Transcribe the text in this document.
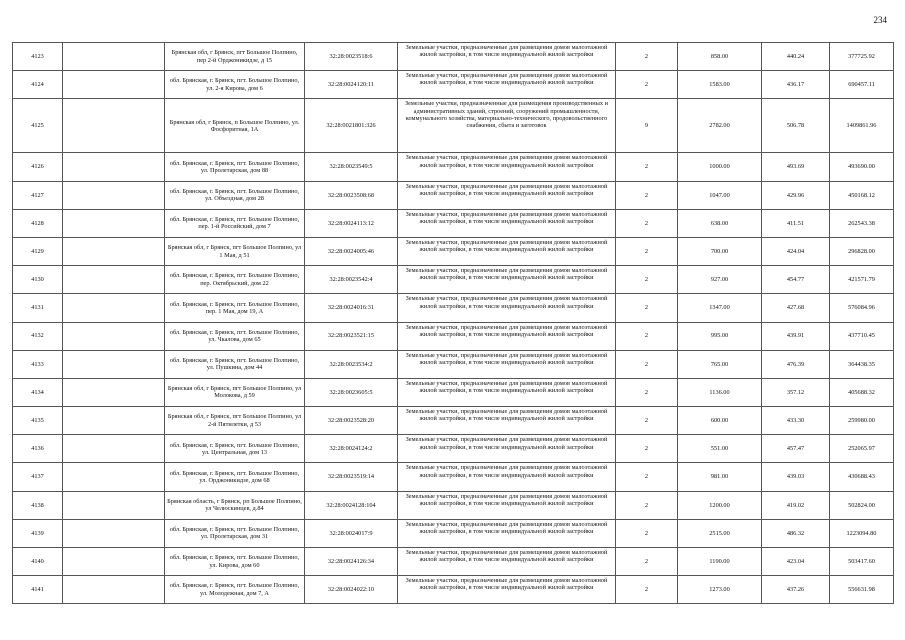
234
4123		Брянская обл, г Брянск, пгт Большое Полпино, пер 2-й Орджоникидзе, д 15	32:28:0023518:6	Земельные участки, предназначенные для размещения домов малоэтажной жилой застройки, в том числе индивидуальной жилой застройки	2	858.00	440.24	377725.92
4124		обл. Брянская, г. Брянск, пгт. Большое Полпино, ул. 2-я Кирова, дом 6	32:28:0024120:11	Земельные участки, предназначенные для размещения домов малоэтажной жилой застройки, в том числе индивидуальной жилой застройки	2	1583.00	436.17	690457.11
4125		Брянская обл, г Брянск, п Большое Полпино, ул. Фосфоритная, 1А	32:28:0021801:326	Земельные участки, предназначенные для размещения производственных и административных зданий, строений, сооружений промышленности, коммунального хозяйства, материально-технического, продовольственного снабжения, сбыта и заготовок	9	2782.00	506.78	1409861.96
4126		обл. Брянская, г. Брянск, пгт. Большое Полпино, ул. Пролетарская, дом 88	32:28:0023549:5	Земельные участки, предназначенные для размещения домов малоэтажной жилой застройки, в том числе индивидуальной жилой застройки	2	1000.00	493.69	493690.00
4127		обл. Брянская, г. Брянск, пгт. Большое Полпино, ул. Объездная, дом 28	32:28:0023508:68	Земельные участки, предназначенные для размещения домов малоэтажной жилой застройки, в том числе индивидуальной жилой застройки	2	1047.00	429.96	450168.12
4128		обл. Брянская, г. Брянск, пгт. Большое Полпино, пер. 1-й Российский, дом 7	32:28:0024113:12	Земельные участки, предназначенные для размещения домов малоэтажной жилой застройки, в том числе индивидуальной жилой застройки	2	638.00	411.51	262543.38
4129		Брянская обл, г Брянск, пгт Большое Полпино, ул 1 Мая, д 51	32:28:0024005:46	Земельные участки, предназначенные для размещения домов малоэтажной жилой застройки, в том числе индивидуальной жилой застройки	2	700.00	424.04	296828.00
4130		обл. Брянская, г. Брянск, пгт. Большое Полпино, пер. Октябрьский, дом 22	32:28:0023542:4	Земельные участки, предназначенные для размещения домов малоэтажной жилой застройки, в том числе индивидуальной жилой застройки	2	927.00	454.77	421571.79
4131		обл. Брянская, г. Брянск, пгт. Большое Полпино, пер. 1 Мая, дом 19, А	32:28:0024016:31	Земельные участки, предназначенные для размещения домов малоэтажной жилой застройки, в том числе индивидуальной жилой застройки	2	1347.00	427.68	576084.96
4132		обл. Брянская, г. Брянск, пгт. Большое Полпино, ул. Чкалова, дом 65	32:28:0023521:15	Земельные участки, предназначенные для размещения домов малоэтажной жилой застройки, в том числе индивидуальной жилой застройки	2	995.00	439.91	437710.45
4133		обл. Брянская, г. Брянск, пгт. Большое Полпино, ул. Пушкина, дом 44	32:28:0023534:2	Земельные участки, предназначенные для размещения домов малоэтажной жилой застройки, в том числе индивидуальной жилой застройки	2	765.00	476.39	364438.35
4134		Брянская обл, г Брянск, пгт Большое Полпино, ул Молокова, д 59	32:28:0023605:5	Земельные участки, предназначенные для размещения домов малоэтажной жилой застройки, в том числе индивидуальной жилой застройки	2	1136.00	357.12	405688.32
4135		Брянская обл, г Брянск, пгт Большое Полпино, ул 2-й Пятилетки, д 53	32:28:0023528:20	Земельные участки, предназначенные для размещения домов малоэтажной жилой застройки, в том числе индивидуальной жилой застройки	2	600.00	433.30	259980.00
4136		обл. Брянская, г. Брянск, пгт. Большое Полпино, ул. Центральная, дом 13	32:28:0024124:2	Земельные участки, предназначенные для размещения домов малоэтажной жилой застройки, в том числе индивидуальной жилой застройки	2	551.00	457.47	252065.97
4137		обл. Брянская, г. Брянск, пгт. Большое Полпино, ул. Орджоникидзе, дом 68	32:28:0023519:14	Земельные участки, предназначенные для размещения домов малоэтажной жилой застройки, в том числе индивидуальной жилой застройки	2	981.00	439.03	430688.43
4138		Брянская область, г Брянск, рп Большое Полпино, ул Челюскинцев, д.84	32:28:0024128:104	Земельные участки, предназначенные для размещения домов малоэтажной жилой застройки, в том числе индивидуальной жилой застройки	2	1200.00	419.02	502824.00
4139		обл. Брянская, г. Брянск, пгт. Большое Полпино, ул. Пролетарская, дом 31	32:28:0024017:9	Земельные участки, предназначенные для размещения домов малоэтажной жилой застройки, в том числе индивидуальной жилой застройки	2	2515.00	486.32	1223094.80
4140		обл. Брянская, г. Брянск, пгт. Большое Полпино, ул. Кирова, дом 60	32:28:0024126:34	Земельные участки, предназначенные для размещения домов малоэтажной жилой застройки, в том числе индивидуальной жилой застройки	2	1190.00	423.04	503417.60
4141		обл. Брянская, г. Брянск, пгт. Большое Полпино, ул. Молодежная, дом 7, А	32:28:0024022:10	Земельные участки, предназначенные для размещения домов малоэтажной жилой застройки, в том числе индивидуальной жилой застройки	2	1273.00	437.26	556631.98
